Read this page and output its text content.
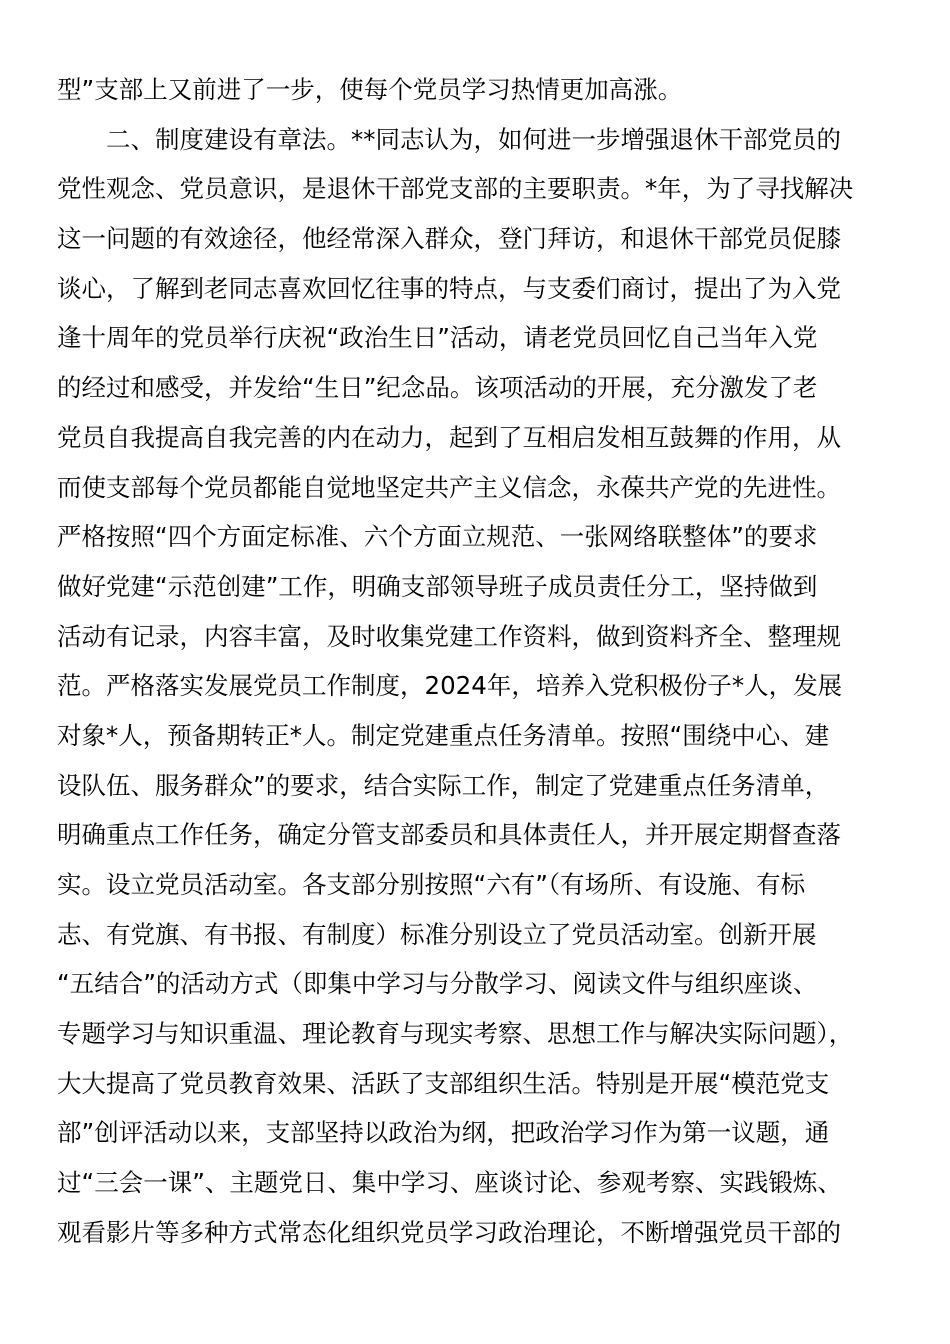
型”支部上又前进了一步，使每个党员学习热情更加高涨。
二、制度建设有章法。**同志认为，如何进一步增强退休干部党员的
党性观念、党员意识，是退休干部党支部的主要职责。*年，为了寻找解决
这一问题的有效途径，他经常深入群众，登门拜访，和退休干部党员促膝
谈心，了解到老同志喜欢回忆往事的特点，与支委们商讨，提出了为入党
逢十周年的党员举行庆祝“政治生日”活动，请老党员回忆自己当年入党
的经过和感受，并发给“生日”纪念品。该项活动的开展，充分激发了老
党员自我提高自我完善的内在动力，起到了互相启发相互鼓舞的作用，从
而使支部每个党员都能自觉地坚定共产主义信念，永葆共产党的先进性。
严格按照“四个方面定标准、六个方面立规范、一张网络联整体”的要求
做好党建“示范创建”工作，明确支部领导班子成员责任分工，坚持做到
活动有记录，内容丰富，及时收集党建工作资料，做到资料齐全、整理规
范。严格落实发展党员工作制度，2024年，培养入党积极份子*人，发展
对象*人，预备期转正*人。制定党建重点任务清单。按照“围绕中心、建
设队伍、服务群众”的要求，结合实际工作，制定了党建重点任务清单，
明确重点工作任务，确定分管支部委员和具体责任人，并开展定期督查落
实。设立党员活动室。各支部分别按照“六有”（有场所、有设施、有标
志、有党旗、有书报、有制度）标准分别设立了党员活动室。创新开展
“五结合”的活动方式（即集中学习与分散学习、阅读文件与组织座谈、
专题学习与知识重温、理论教育与现实考察、思想工作与解决实际问题），
大大提高了党员教育效果、活跃了支部组织生活。特别是开展“模范党支
部”创评活动以来，支部坚持以政治为纲，把政治学习作为第一议题，通
过“三会一课”、主题党日、集中学习、座谈讨论、参观考察、实践锻炼、
观看影片等多种方式常态化组织党员学习政治理论，不断增强党员干部的
